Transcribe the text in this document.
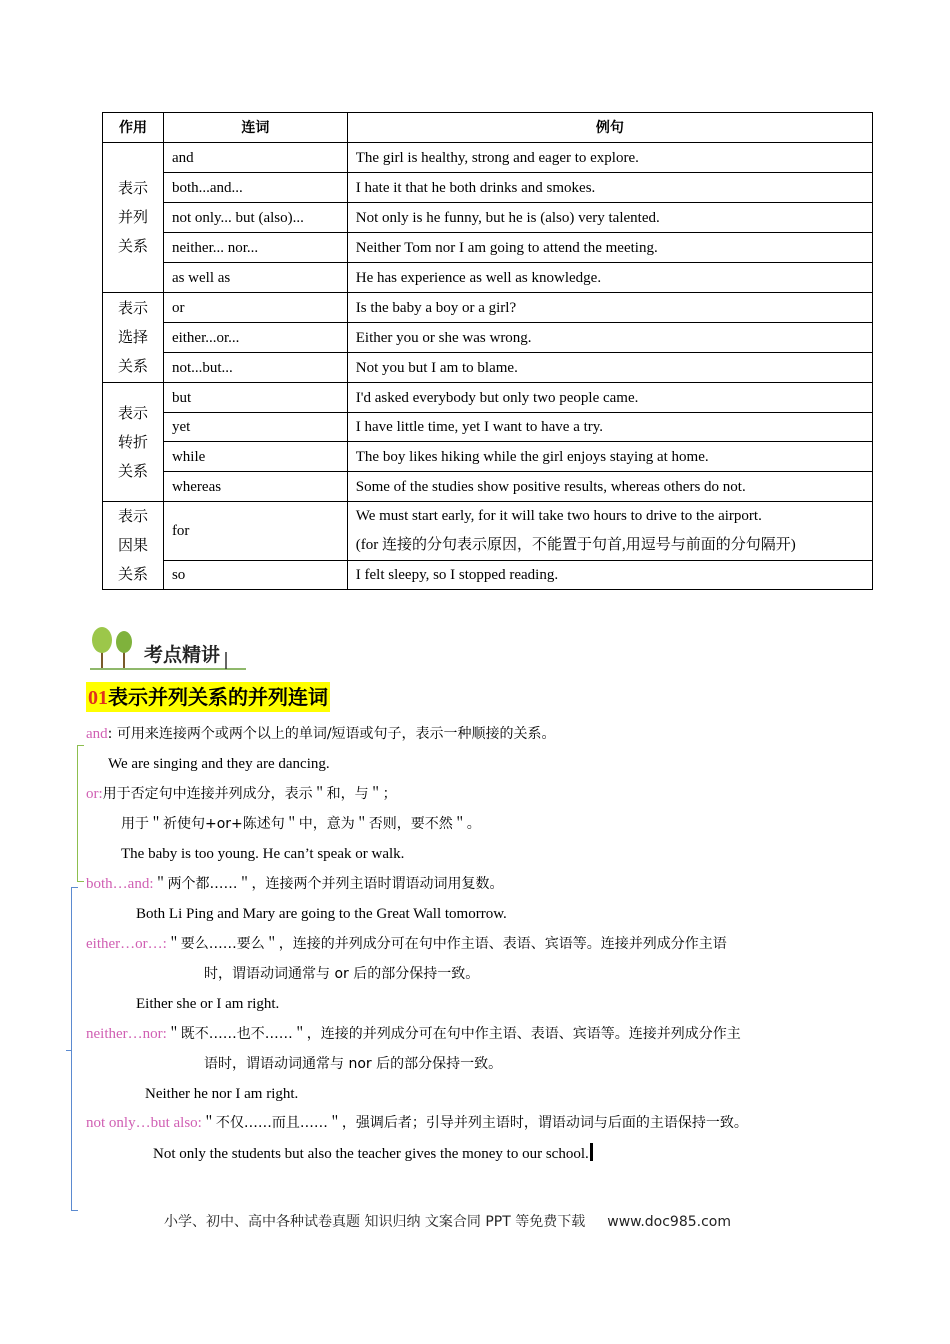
作用	连词	例句
表示
并列
关系	and	The girl is healthy, strong and eager to explore.
	both...and...	I hate it that he both drinks and smokes.
	not only... but (also)...	Not only is he funny, but he is (also) very talented.
	neither... nor...	Neither Tom nor I am going to attend the meeting.
	as well as	He has experience as well as knowledge.
表示
选择
关系	or	Is the baby a boy or a girl?
	either...or...	Either you or she was wrong.
	not...but...	Not you but I am to blame.
表示
转折
关系	but	I'd asked everybody but only two people came.
	yet	I have little time, yet I want to have a try.
	while	The boy likes hiking while the girl enjoys staying at home.
	whereas	Some of the studies show positive results, whereas others do not.
表示
因果
关系	for	We must start early, for it will take two hours to drive to the airport.
(for 连接的分句表示原因，不能置于句首,用逗号与前面的分句隔开)
	so	I felt sleepy, so I stopped reading.
考点精讲
01表示并列关系的并列连词
and: 可用来连接两个或两个以上的单词/短语或句子，表示一种顺接的关系。
We are singing and they are dancing.
or:用于否定句中连接并列成分，表示＂和，与＂；
用于＂祈使句+or+陈述句＂中，意为＂否则，要不然＂。
The baby is too young. He can’t speak or walk.
both…and:＂两个都……＂，连接两个并列主语时谓语动词用复数。
Both Li Ping and Mary are going to the Great Wall tomorrow.
either…or…:＂要么……要么＂，连接的并列成分可在句中作主语、表语、宾语等。连接并列成分作主语
时，谓语动词通常与 or 后的部分保持一致。
Either she or I am right.
neither…nor:＂既不……也不……＂，连接的并列成分可在句中作主语、表语、宾语等。连接并列成分作主
语时，谓语动词通常与 nor 后的部分保持一致。
Neither he nor I am right.
not only…but also:＂不仅……而且……＂，强调后者；引导并列主语时，谓语动词与后面的主语保持一致。
Not only the students but also the teacher gives the money to our school.
小学、初中、高中各种试卷真题 知识归纳 文案合同 PPT 等免费下载 www.doc985.com
